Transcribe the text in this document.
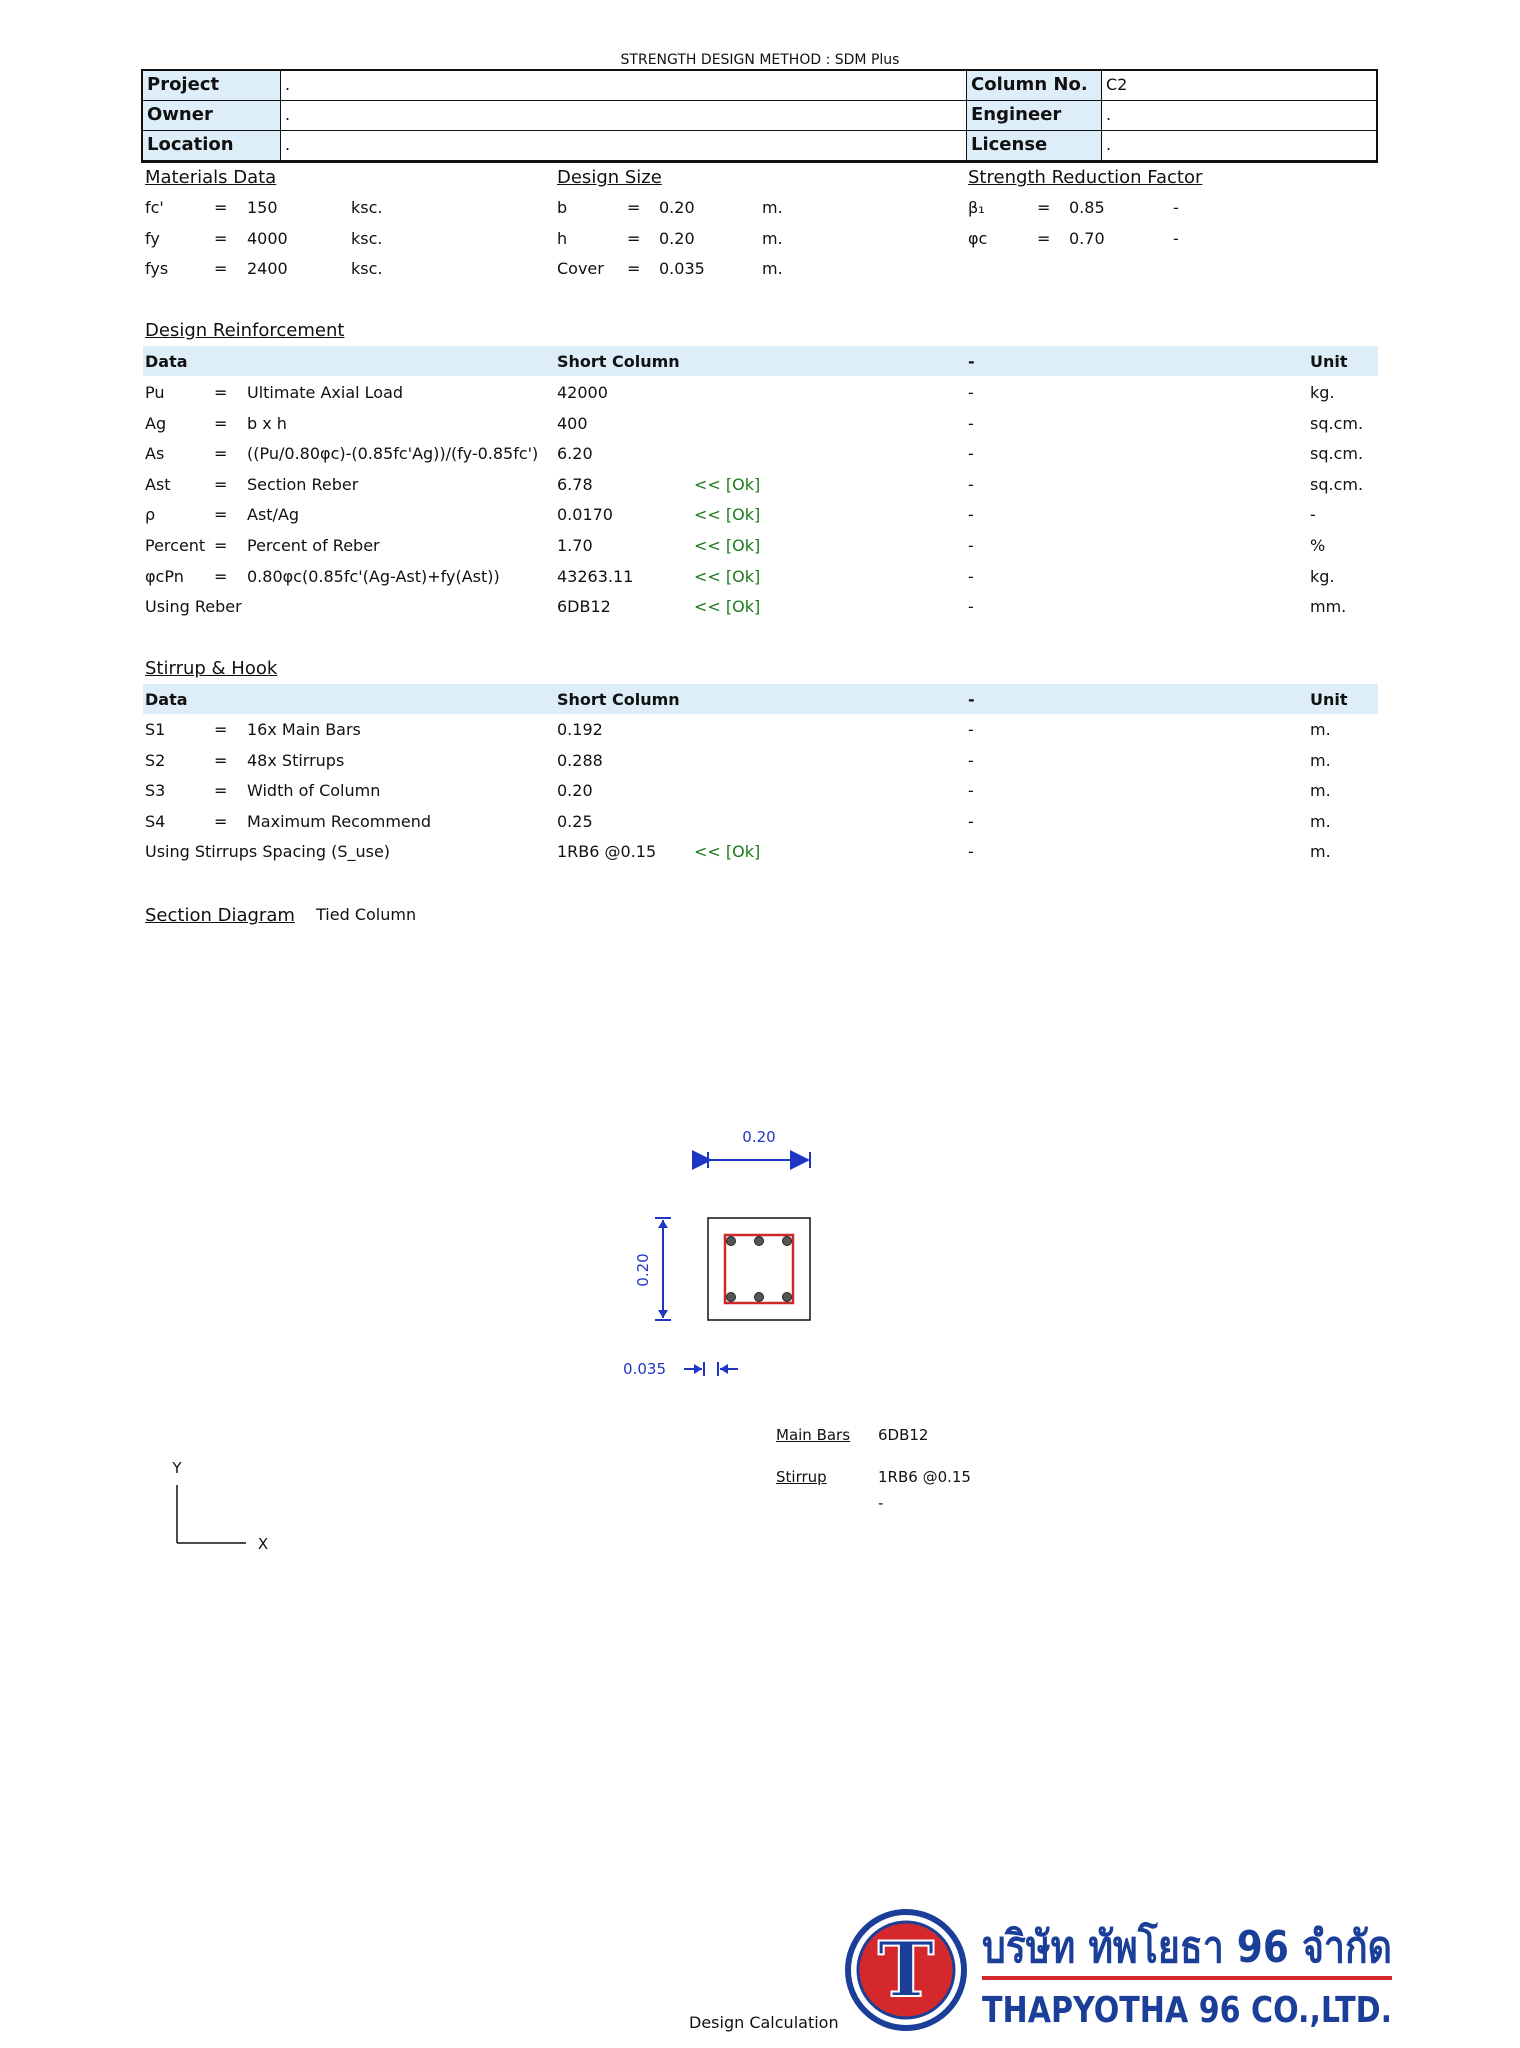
STRENGTH DESIGN METHOD : SDM Plus
Project	.	Column No.	C2
Owner	.	Engineer	.
Location	.	License	.
Materials Data	Design Size	Strength Reduction Factor
fc'	= 150	ksc.
fy	= 4000	ksc.
fys	= 2400	ksc.
b	= 0.20	m.
h	= 0.20	m.
Cover = 0.035	m.
β₁	= 0.85	-
φc	= 0.70	-
Design Reinforcement
Data	Short Column	-	Unit
Pu	= Ultimate Axial Load	42000	-	kg.
Ag	= b x h	400	-	sq.cm.
As	= ((Pu/0.80φc)-(0.85fc'Ag))/(fy-0.85fc') 6.20	-	sq.cm.
Ast	= Section Reber	6.78	<< [Ok]	-	sq.cm.
ρ	= Ast/Ag	0.0170	<< [Ok]	-	-
Percent = Percent of Reber	1.70	<< [Ok]	-	%
φcPn = 0.80φc(0.85fc'(Ag-Ast)+fy(Ast))	43263.11	<< [Ok]	-	kg.
Using Reber	6DB12	<< [Ok]	-	mm.
Stirrup & Hook
Data	Short Column	-	Unit
S1	= 16x Main Bars	0.192	-	m.
S2	= 48x Stirrups	0.288	-	m.
S3	= Width of Column	0.20	-	m.
S4	= Maximum Recommend	0.25	-	m.
Using Stirrups Spacing (S_use)	1RB6 @0.15 << [Ok]	-	m.
Section Diagram Tied Column
0.20
0.20
0.035
Main Bars 6DB12
Stirrup	1RB6 @0.15
-
Y
X
Design Calculation
T บริษัท ทัพโยธา 96 จำกัด
THAPYOTHA 96 CO.,LTD.
